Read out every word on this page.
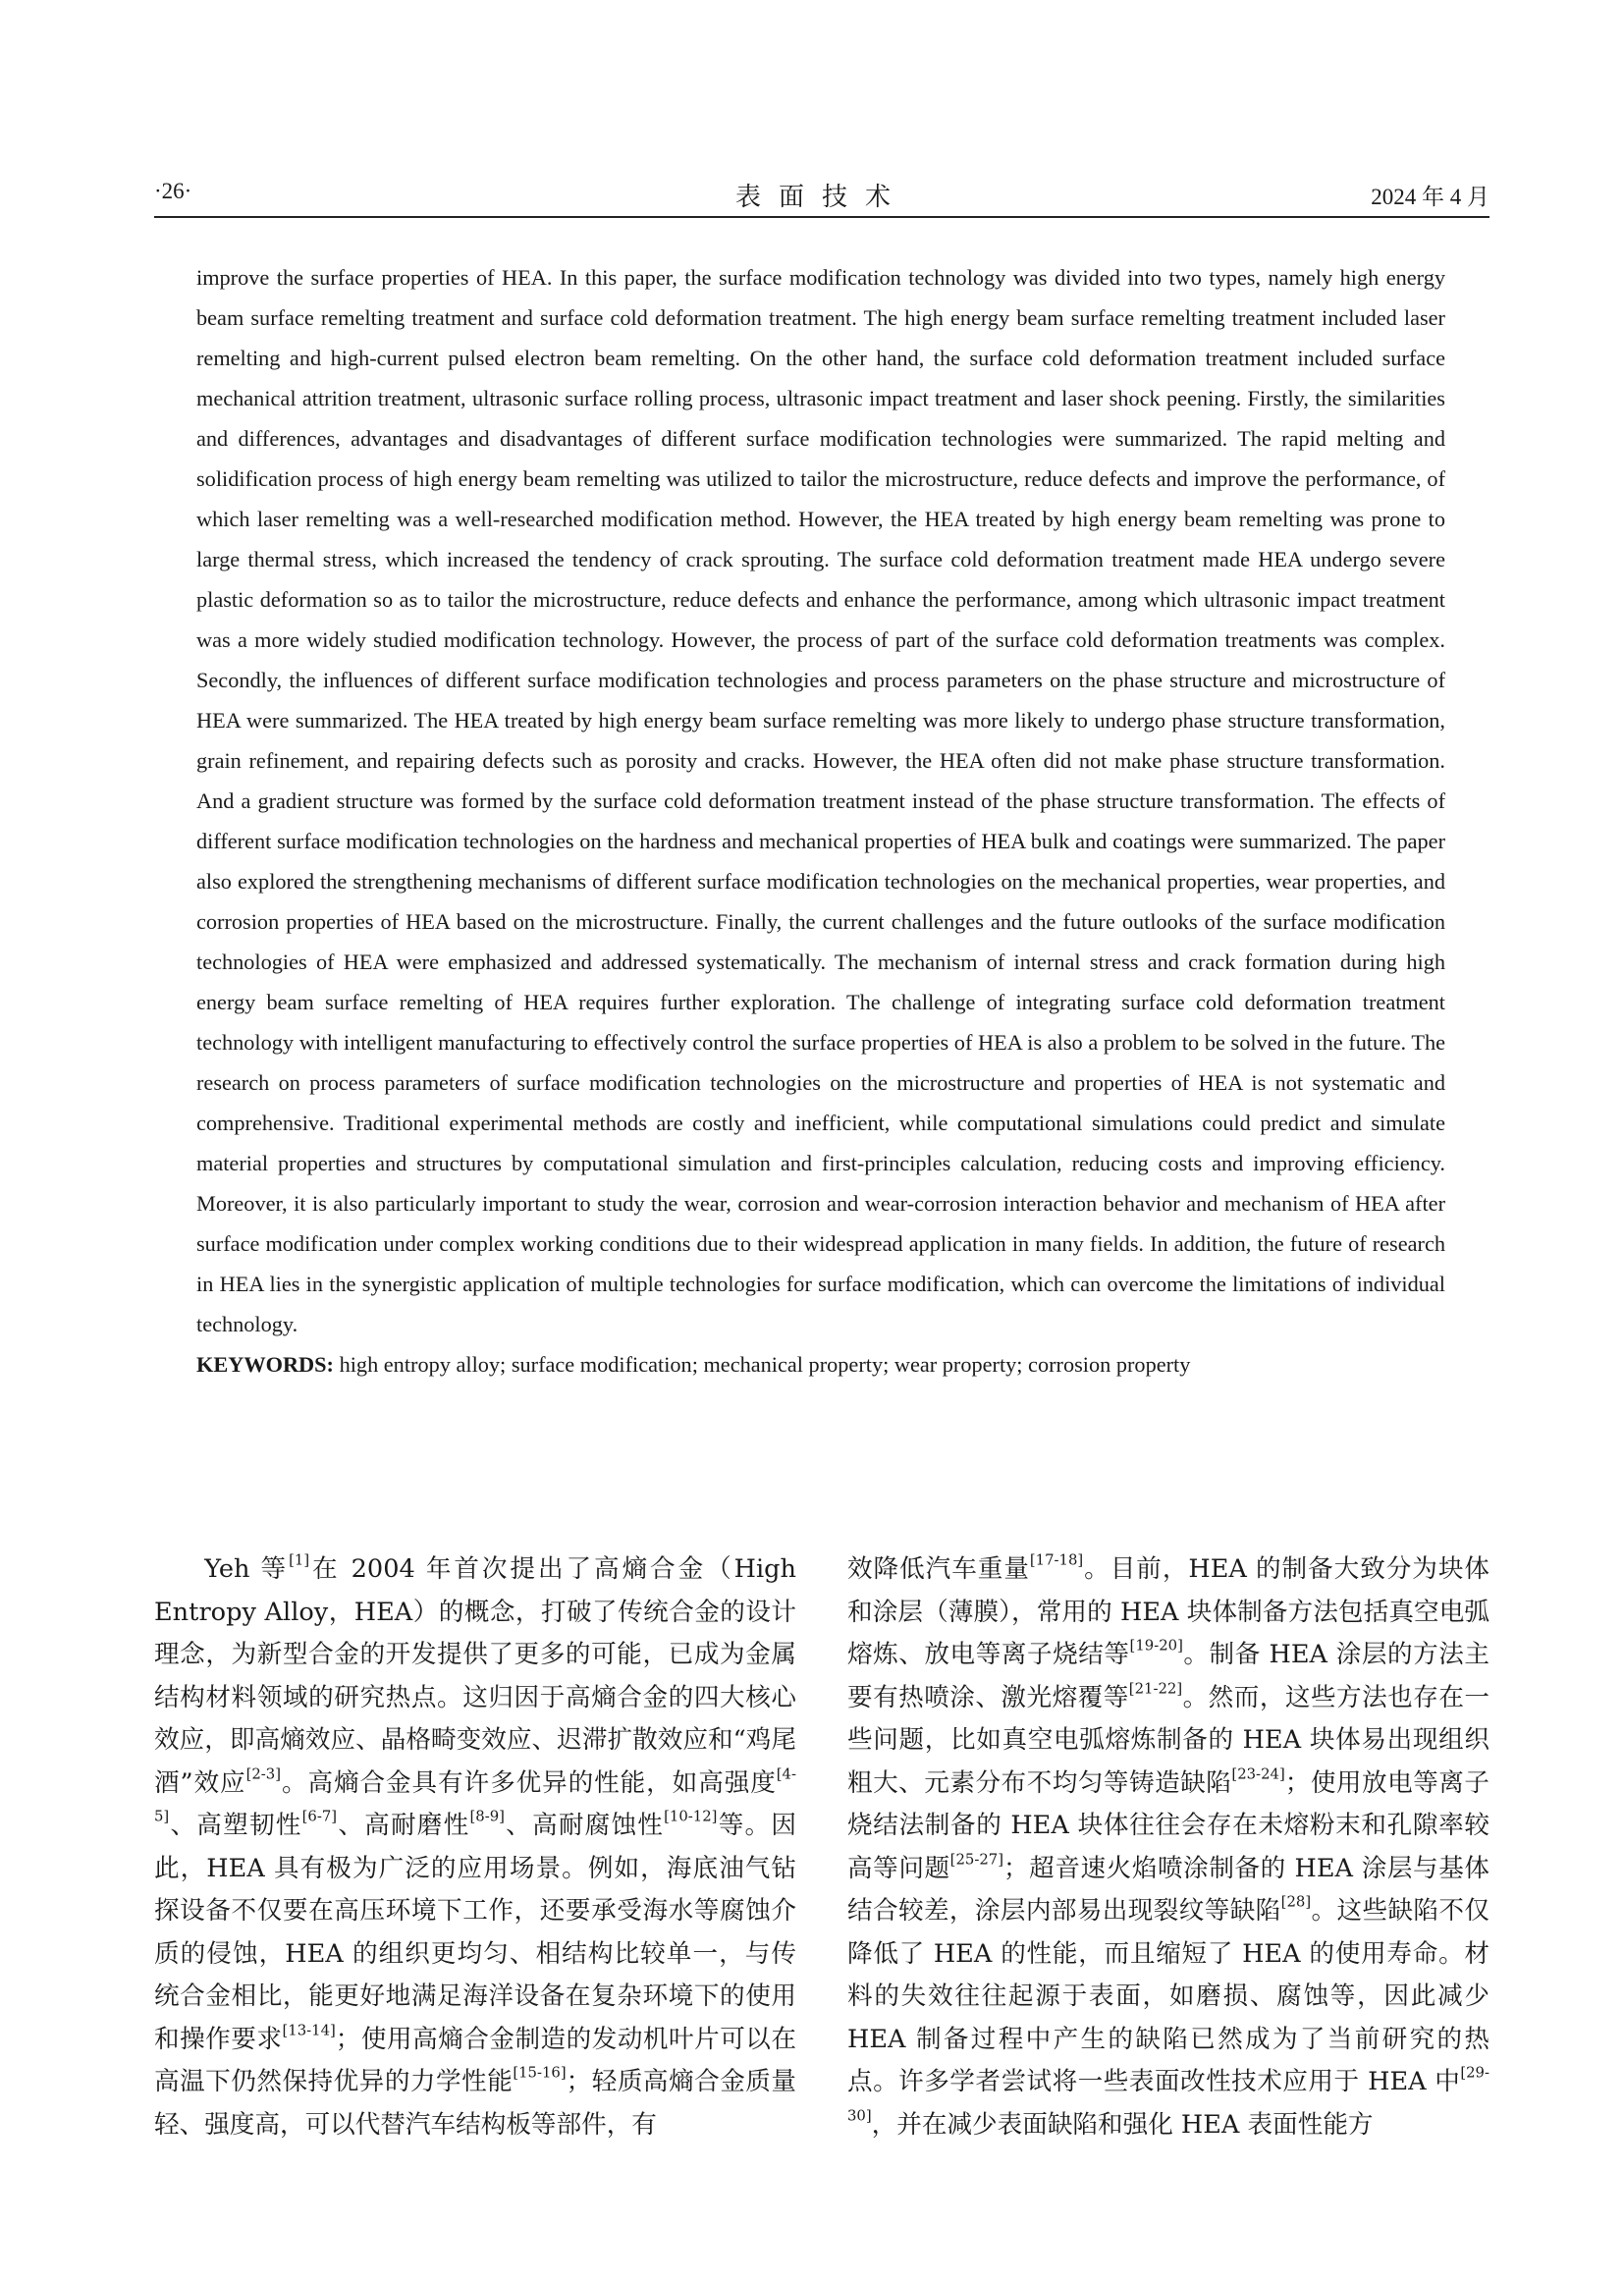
·26·	表面技术	2024 年 4 月

improve the surface properties of HEA. In this paper, the surface modification technology was divided into two types, namely high energy beam surface remelting treatment and surface cold deformation treatment. The high energy beam surface remelting treatment included laser remelting and high-current pulsed electron beam remelting. On the other hand, the surface cold deformation treatment included surface mechanical attrition treatment, ultrasonic surface rolling process, ultrasonic impact treatment and laser shock peening. Firstly, the similarities and differences, advantages and disadvantages of different surface modification technologies were summarized. The rapid melting and solidification process of high energy beam remelting was utilized to tailor the microstructure, reduce defects and improve the performance, of which laser remelting was a well-researched modification method. However, the HEA treated by high energy beam remelting was prone to large thermal stress, which increased the tendency of crack sprouting. The surface cold deformation treatment made HEA undergo severe plastic deformation so as to tailor the microstructure, reduce defects and enhance the performance, among which ultrasonic impact treatment was a more widely studied modification technology. However, the process of part of the surface cold deformation treatments was complex. Secondly, the influences of different surface modification technologies and process parameters on the phase structure and microstructure of HEA were summarized. The HEA treated by high energy beam surface remelting was more likely to undergo phase structure transformation, grain refinement, and repairing defects such as porosity and cracks. However, the HEA often did not make phase structure transformation. And a gradient structure was formed by the surface cold deformation treatment instead of the phase structure transformation. The effects of different surface modification technologies on the hardness and mechanical properties of HEA bulk and coatings were summarized. The paper also explored the strengthening mechanisms of different surface modification technologies on the mechanical properties, wear properties, and corrosion properties of HEA based on the microstructure. Finally, the current challenges and the future outlooks of the surface modification technologies of HEA were emphasized and addressed systematically. The mechanism of internal stress and crack formation during high energy beam surface remelting of HEA requires further exploration. The challenge of integrating surface cold deformation treatment technology with intelligent manufacturing to effectively control the surface properties of HEA is also a problem to be solved in the future. The research on process parameters of surface modification technologies on the microstructure and properties of HEA is not systematic and comprehensive. Traditional experimental methods are costly and inefficient, while computational simulations could predict and simulate material properties and structures by computational simulation and first-principles calculation, reducing costs and improving efficiency. Moreover, it is also particularly important to study the wear, corrosion and wear-corrosion interaction behavior and mechanism of HEA after surface modification under complex working conditions due to their widespread application in many fields. In addition, the future of research in HEA lies in the synergistic application of multiple technologies for surface modification, which can overcome the limitations of individual technology.

KEYWORDS: high entropy alloy; surface modification; mechanical property; wear property; corrosion property

Yeh 等[1]在 2004 年首次提出了高熵合金（High Entropy Alloy，HEA）的概念，打破了传统合金的设计理念，为新型合金的开发提供了更多的可能，已成为金属结构材料领域的研究热点。这归因于高熵合金的四大核心效应，即高熵效应、晶格畸变效应、迟滞扩散效应和“鸡尾酒”效应[2-3]。高熵合金具有许多优异的性能，如高强度[4-5]、高塑韧性[6-7]、高耐磨性[8-9]、高耐腐蚀性[10-12]等。因此，HEA 具有极为广泛的应用场景。例如，海底油气钻探设备不仅要在高压环境下工作，还要承受海水等腐蚀介质的侵蚀，HEA 的组织更均匀、相结构比较单一，与传统合金相比，能更好地满足海洋设备在复杂环境下的使用和操作要求[13-14]；使用高熵合金制造的发动机叶片可以在高温下仍然保持优异的力学性能[15-16]；轻质高熵合金质量轻、强度高，可以代替汽车结构板等部件，有

效降低汽车重量[17-18]。目前，HEA 的制备大致分为块体和涂层（薄膜），常用的 HEA 块体制备方法包括真空电弧熔炼、放电等离子烧结等[19-20]。制备 HEA 涂层的方法主要有热喷涂、激光熔覆等[21-22]。然而，这些方法也存在一些问题，比如真空电弧熔炼制备的 HEA 块体易出现组织粗大、元素分布不均匀等铸造缺陷[23-24]；使用放电等离子烧结法制备的 HEA 块体往往会存在未熔粉末和孔隙率较高等问题[25-27]；超音速火焰喷涂制备的 HEA 涂层与基体结合较差，涂层内部易出现裂纹等缺陷[28]。这些缺陷不仅降低了 HEA 的性能，而且缩短了 HEA 的使用寿命。材料的失效往往起源于表面，如磨损、腐蚀等，因此减少 HEA 制备过程中产生的缺陷已然成为了当前研究的热点。许多学者尝试将一些表面改性技术应用于 HEA 中[29-30]，并在减少表面缺陷和强化 HEA 表面性能方
